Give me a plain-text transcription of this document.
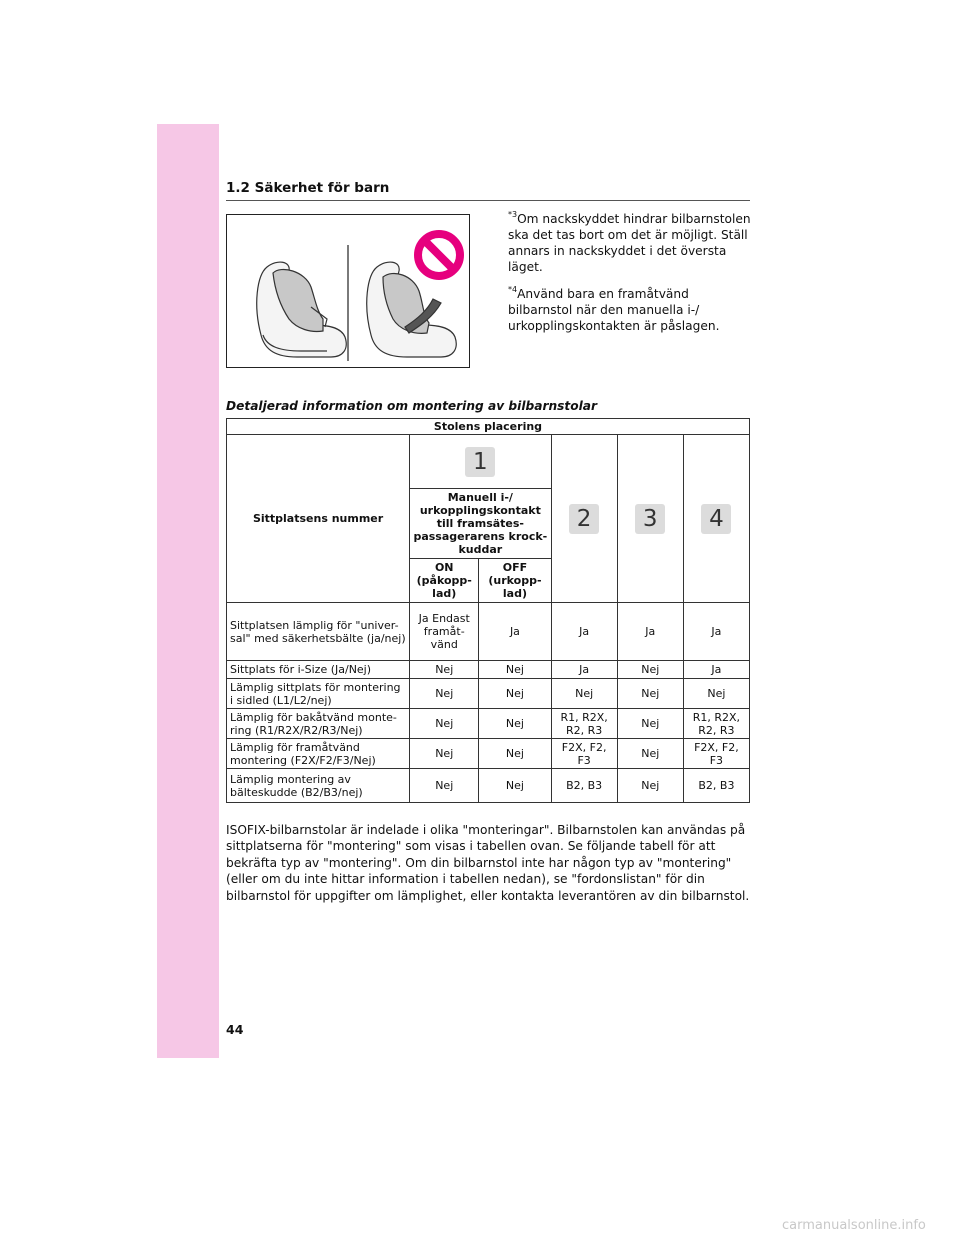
1.2 Säkerhet för barn

$^{*3}$Om nackskyddet hindrar bilbarnstolen ska det tas bort om det är möjligt. Ställ annars in nackskyddet i det översta läget.

$^{*4}$Använd bara en framåtvänd bilbarnstol när den manuella i-/ urkopplingskontakten är påslagen.

Detaljerad information om montering av bilbarnstolar
Stolens placering					
Sittplatsens nummer	1		2	3	4
	Manuell i-/ urkopplingskontakt till framsätes- passagerarens krock- kuddar				
	ON (påkopp- lad)	OFF (urkopp- lad)			
Sittplatsen lämplig för "univer- sal" med säkerhetsbälte (ja/nej)	Ja Endast framåt- vänd	Ja	Ja	Ja	Ja
Sittplats för i-Size (Ja/Nej)	Nej	Nej	Ja	Nej	Ja
Lämplig sittplats för montering i sidled (L1/L2/nej)	Nej	Nej	Nej	Nej	Nej
Lämplig för bakåtvänd monte- ring (R1/R2X/R2/R3/Nej)	Nej	Nej	R1, R2X, R2, R3	Nej	R1, R2X, R2, R3
Lämplig för framåtvänd montering (F2X/F2/F3/Nej)	Nej	Nej	F2X, F2, F3	Nej	F2X, F2, F3
Lämplig montering av bälteskudde (B2/B3/nej)	Nej	Nej	B2, B3	Nej	B2, B3
ISOFIX-bilbarnstolar är indelade i olika "monteringar". Bilbarnstolen kan användas på sittplatserna för "montering" som visas i tabellen ovan. Se följande tabell för att bekräfta typ av "montering". Om din bilbarnstol inte har någon typ av "montering" (eller om du inte hittar information i tabellen nedan), se "fordonslistan" för din bilbarnstol för uppgifter om lämplighet, eller kontakta leverantören av din bilbarnstol.
44
carmanualsonline.info
